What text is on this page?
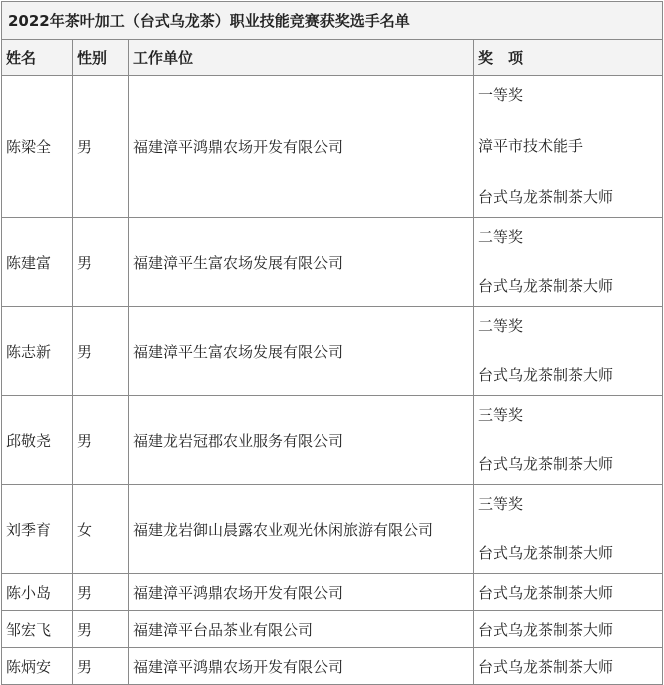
2022年茶叶加工（台式乌龙茶）职业技能竞赛获奖选手名单			
姓名	性别	工作单位	奖　项
陈梁全	男	福建漳平鸿鼎农场开发有限公司	一等奖
漳平市技术能手
台式乌龙茶制茶大师

陈建富	男	福建漳平生富农场发展有限公司	二等奖
台式乌龙茶制茶大师

陈志新	男	福建漳平生富农场发展有限公司	二等奖
台式乌龙茶制茶大师

邱敬尧	男	福建龙岩冠郡农业服务有限公司	三等奖
台式乌龙茶制茶大师

刘季育	女	福建龙岩御山晨露农业观光休闲旅游有限公司	三等奖
台式乌龙茶制茶大师

陈小岛	男	福建漳平鸿鼎农场开发有限公司	台式乌龙茶制茶大师

邹宏飞	男	福建漳平台品茶业有限公司	台式乌龙茶制茶大师

陈炳安	男	福建漳平鸿鼎农场开发有限公司	台式乌龙茶制茶大师
